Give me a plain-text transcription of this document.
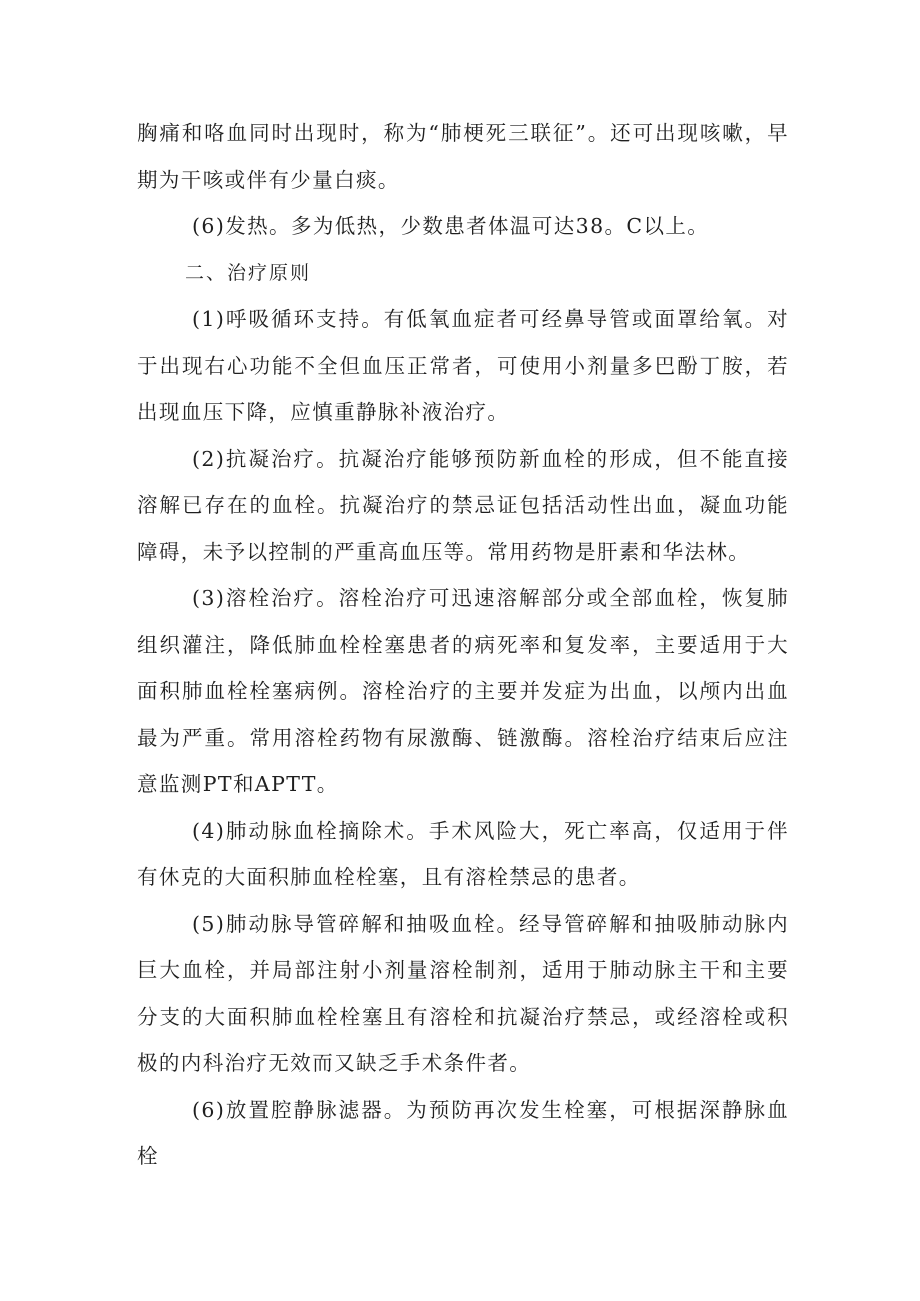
胸痛和咯血同时出现时，称为“肺梗死三联征”。还可出现咳嗽，早期为干咳或伴有少量白痰。

(6)发热。多为低热，少数患者体温可达38。C以上。

二、治疗原则

(1)呼吸循环支持。有低氧血症者可经鼻导管或面罩给氧。对于出现右心功能不全但血压正常者，可使用小剂量多巴酚丁胺，若出现血压下降，应慎重静脉补液治疗。

(2)抗凝治疗。抗凝治疗能够预防新血栓的形成，但不能直接溶解已存在的血栓。抗凝治疗的禁忌证包括活动性出血，凝血功能障碍，未予以控制的严重高血压等。常用药物是肝素和华法林。

(3)溶栓治疗。溶栓治疗可迅速溶解部分或全部血栓，恢复肺组织灌注，降低肺血栓栓塞患者的病死率和复发率，主要适用于大面积肺血栓栓塞病例。溶栓治疗的主要并发症为出血，以颅内出血最为严重。常用溶栓药物有尿激酶、链激酶。溶栓治疗结束后应注意监测PT和APTT。

(4)肺动脉血栓摘除术。手术风险大，死亡率高，仅适用于伴有休克的大面积肺血栓栓塞，且有溶栓禁忌的患者。

(5)肺动脉导管碎解和抽吸血栓。经导管碎解和抽吸肺动脉内巨大血栓，并局部注射小剂量溶栓制剂，适用于肺动脉主干和主要分支的大面积肺血栓栓塞且有溶栓和抗凝治疗禁忌，或经溶栓或积极的内科治疗无效而又缺乏手术条件者。

(6)放置腔静脉滤器。为预防再次发生栓塞，可根据深静脉血栓
